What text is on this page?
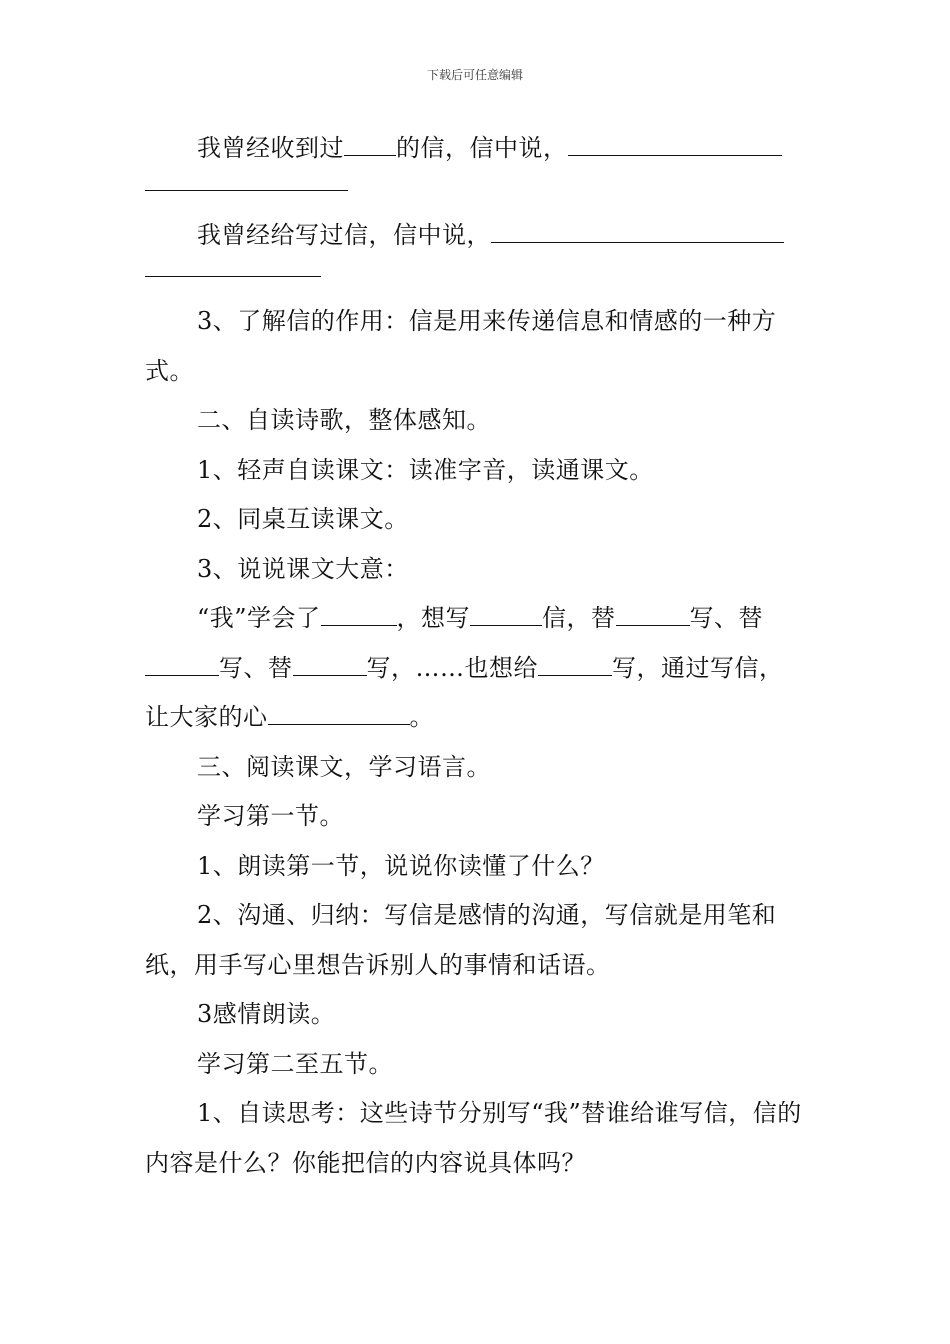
下载后可任意编辑

我曾经收到过 的信，信中说，

我曾经给写过信，信中说，

3、了解信的作用：信是用来传递信息和情感的一种方式。

二、自读诗歌，整体感知。

1、轻声自读课文：读准字音，读通课文。

2、同桌互读课文。

3、说说课文大意：

“我”学会了	，想写	信，替	写、替写、替	写，……也想给	写，通过写信，让大家的心	。

三、阅读课文，学习语言。

学习第一节。

1、朗读第一节，说说你读懂了什么？

2、沟通、归纳：写信是感情的沟通，写信就是用笔和纸，用手写心里想告诉别人的事情和话语。

3感情朗读。

学习第二至五节。

1、自读思考：这些诗节分别写“我”替谁给谁写信，信的内容是什么？你能把信的内容说具体吗？
